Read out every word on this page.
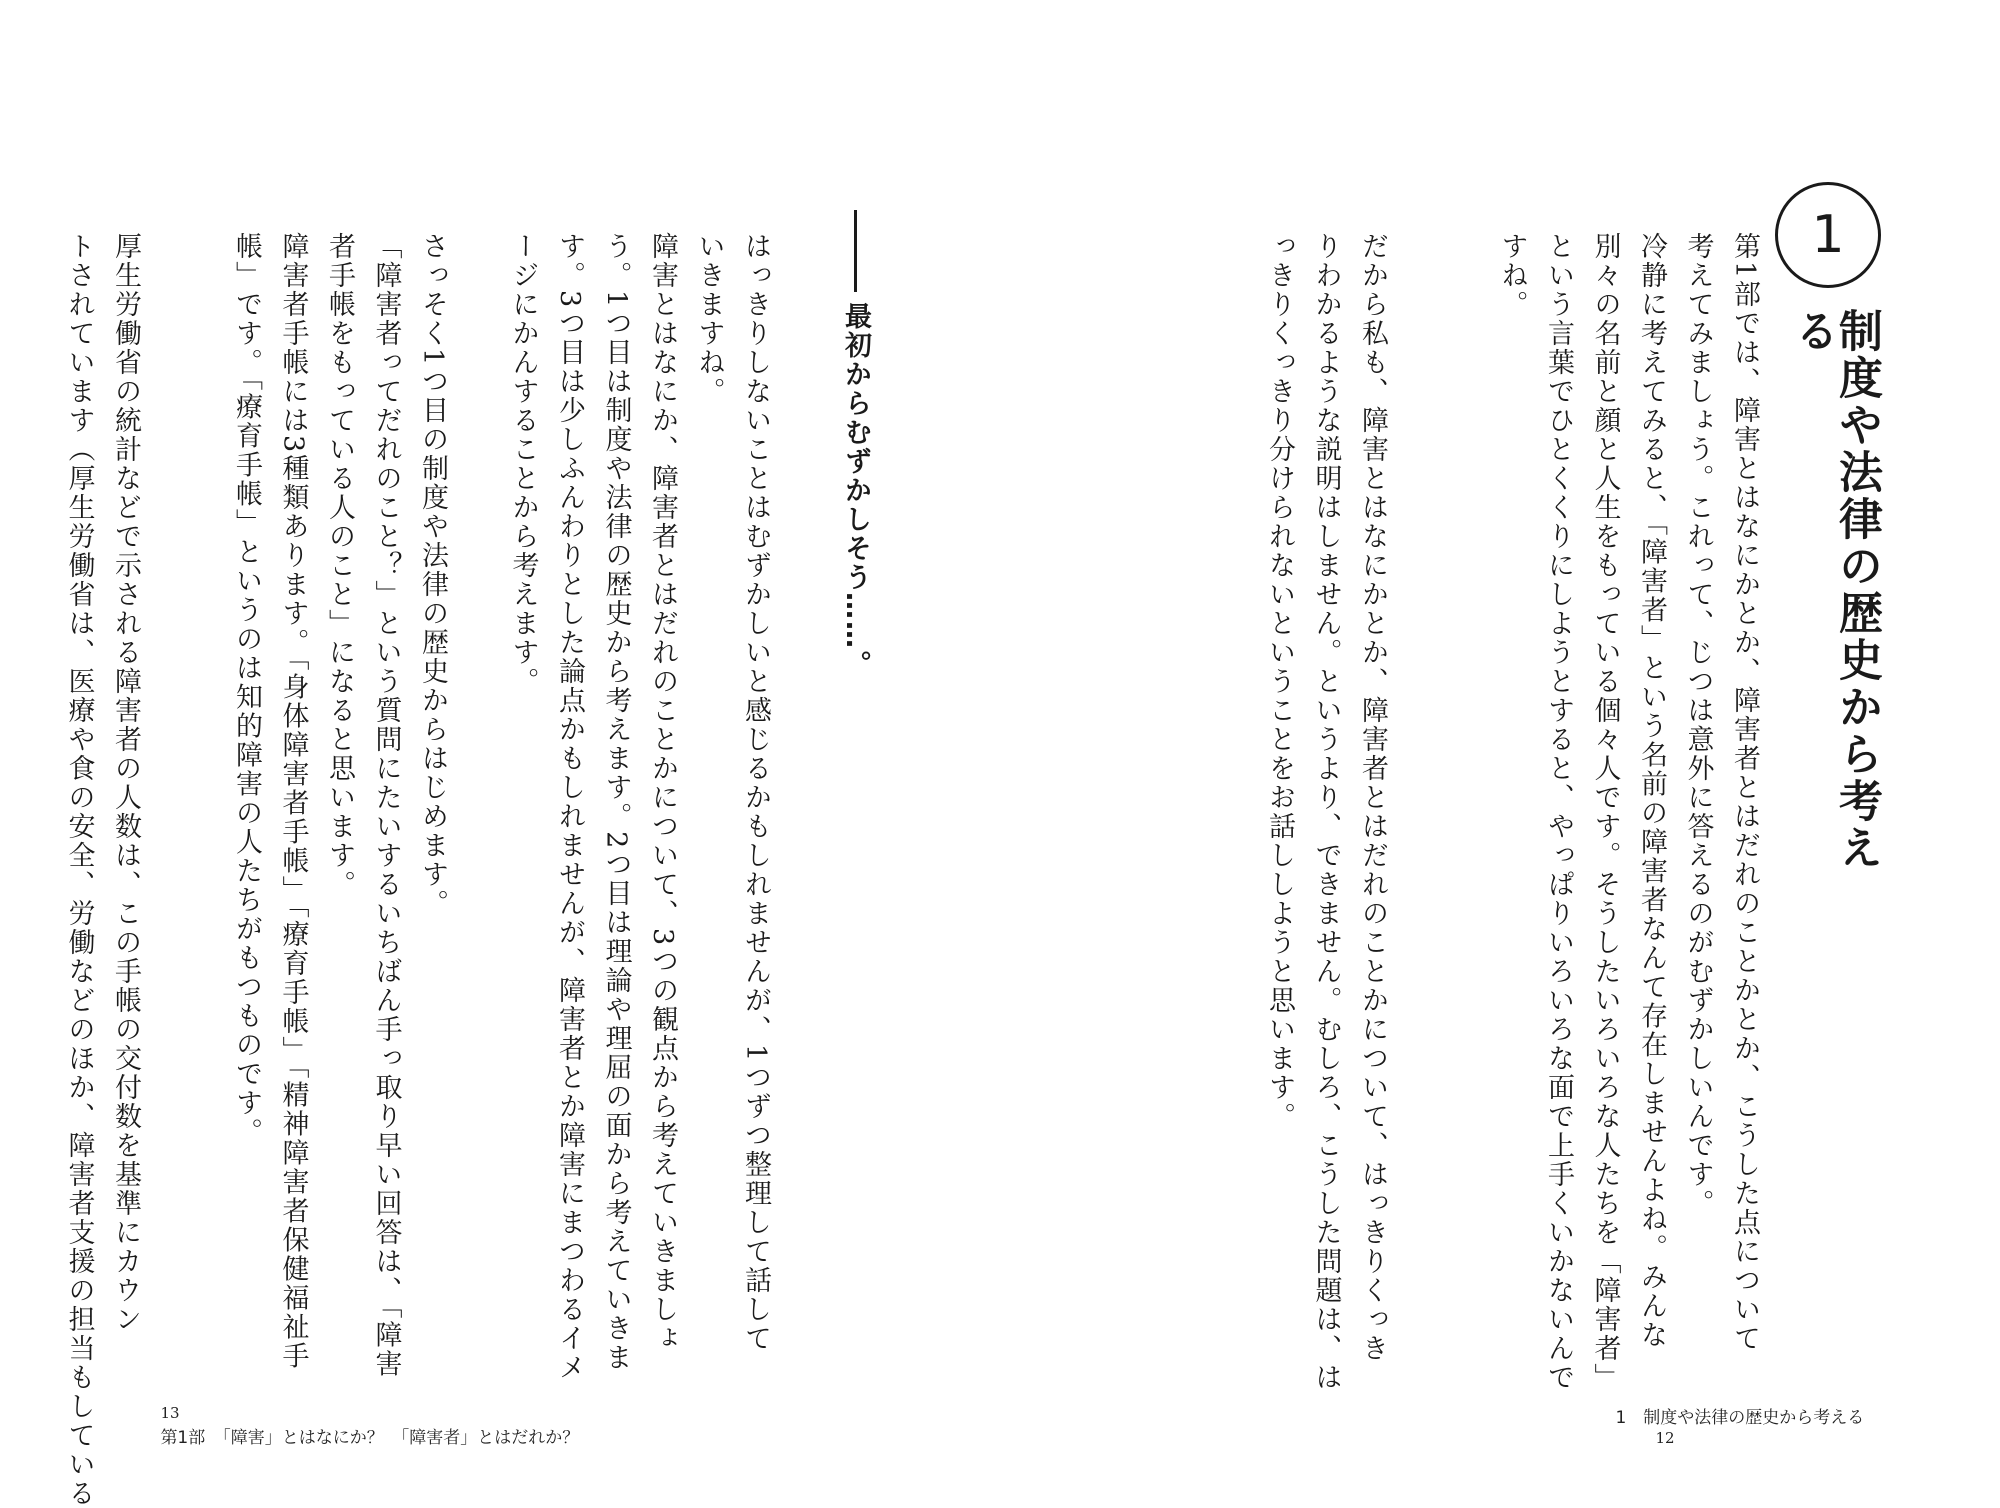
1
制度や法律の歴史から考える

第1部では、障害とはなにかとか、障害者とはだれのことかとか、こうした点について
考えてみましょう。これって、じつは意外に答えるのがむずかしいんです。
冷静に考えてみると、「障害者」という名前の障害者なんて存在しませんよね。みんな
別々の名前と顔と人生をもっている個々人です。そうしたいろいろな人たちを「障害者」
という言葉でひとくくりにしようとすると、やっぱりいろいろな面で上手くいかないんで
すね。

だから私も、障害とはなにかとか、障害者とはだれのことかについて、はっきりくっき
りわかるような説明はしません。というより、できません。むしろ、こうした問題は、は
っきりくっきり分けられないということをお話ししようと思います。

1　制度や法律の歴史から考える
12

最初からむずかしそう……。
はっきりしないことはむずかしいと感じるかもしれませんが、1つずつ整理して話して
いきますね。
障害とはなにか、障害者とはだれのことかについて、3つの観点から考えていきましょ
う。1つ目は制度や法律の歴史から考えます。2つ目は理論や理屈の面から考えていきま
す。3つ目は少しふんわりとした論点かもしれませんが、障害者とか障害にまつわるイメ
ージにかんすることから考えます。
さっそく1つ目の制度や法律の歴史からはじめます。
「障害者ってだれのこと？」という質問にたいするいちばん手っ取り早い回答は、「障害
者手帳をもっている人のこと」になると思います。
障害者手帳には3種類あります。「身体障害者手帳」「療育手帳」「精神障害者保健福祉手
帳」です。「療育手帳」というのは知的障害の人たちがもつものです。
厚生労働省の統計などで示される障害者の人数は、この手帳の交付数を基準にカウン
トされています（厚生労働省は、医療や食の安全、労働などのほか、障害者支援の担当もしている	13
第1部　「障害」とはなにか？　「障害者」とはだれか？
